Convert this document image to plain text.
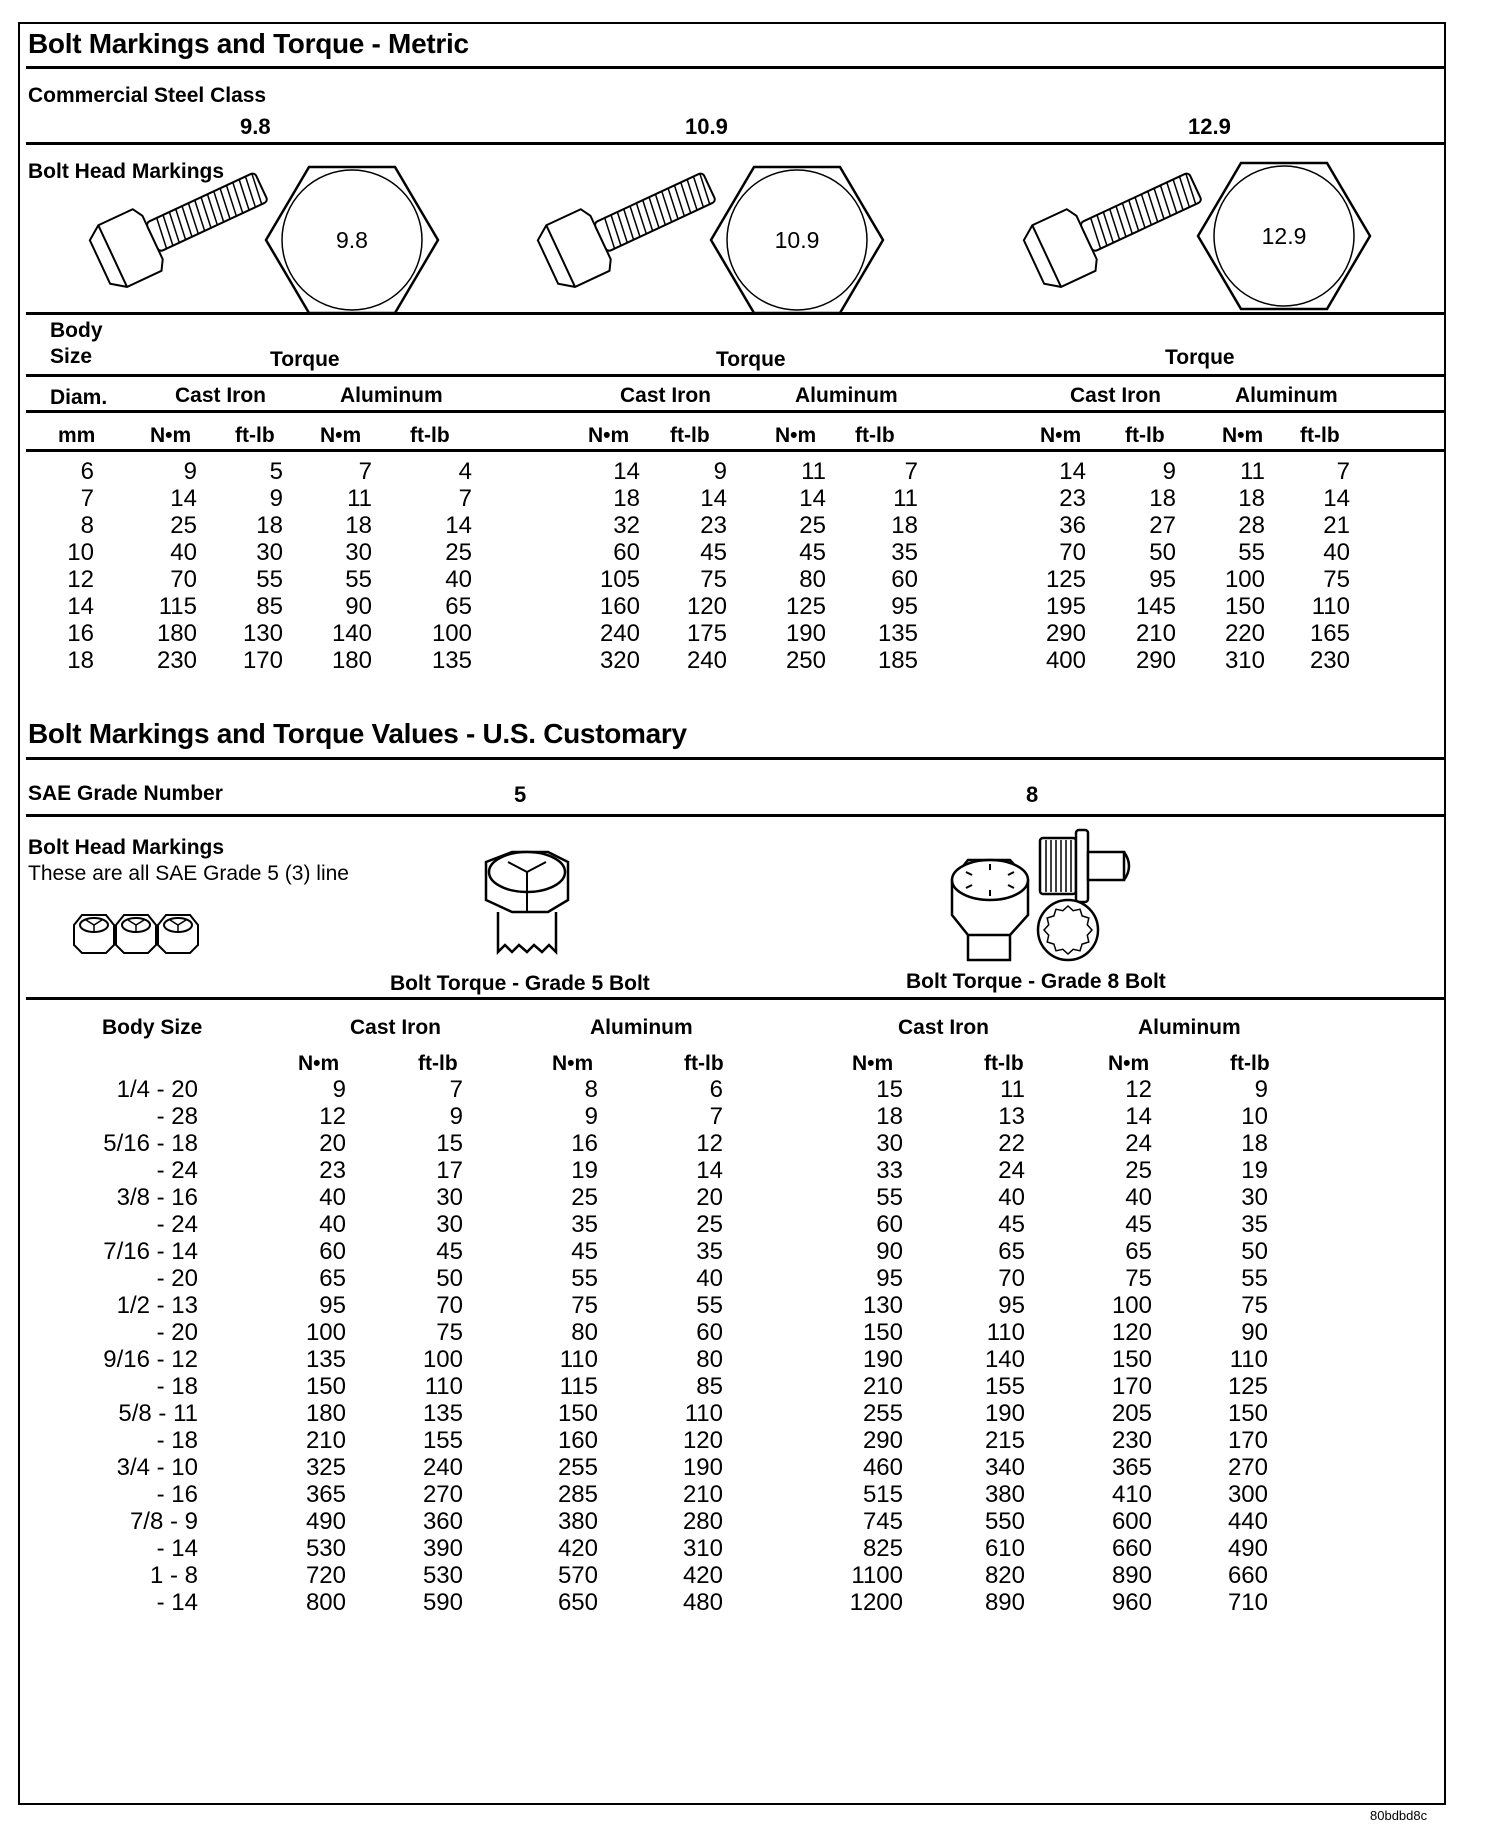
Bolt Markings and Torque - Metric
Commercial Steel Class
9.8	10.9	12.9
Bolt Head Markings
9.8	10.9	12.9
Body
Size	Torque	Torque	Torque
Diam.
mm
Cast Iron	Aluminum
N•m ft-lb N•m ft-lb
Cast Iron	Aluminum
N•m ft-lb	N•m ft-lb
Cast Iron	Aluminum
N•m ft-lb	N•m ft-lb
6	9	5	7	4	14	9	11	7	14	9	11	7
7	14	9	11	7	18	14	14	11	23	18	18	14
8	25	18	18	14	32	23	25	18	36	27	28	21
10	40	30	30	25	60	45	45	35	70	50	55	40
12	70	55	55	40	105	75	80	60	125	95	100	75
14	115	85	90	65	160	120	125	95	195	145	150	110
16	180	130	140	100	240	175	190	135	290	210	220	165
18	230	170	180	135	320	240	250	185	400	290	310	230
Bolt Markings and Torque Values - U.S. Customary
SAE Grade Number	5	8
Bolt Head Markings
These are all SAE Grade 5 (3) line
Bolt Torque - Grade 5 Bolt	Bolt Torque - Grade 8 Bolt
Body Size	Cast Iron	Aluminum	Cast Iron	Aluminum
N•m	ft-lb	N•m	ft-lb	N•m	ft-lb	N•m	ft-lb
1/4 - 20	9	7	8	6	15	11	12	9
- 28	12	9	9	7	18	13	14	10
5/16 - 18	20	15	16	12	30	22	24	18
- 24	23	17	19	14	33	24	25	19
3/8 - 16	40	30	25	20	55	40	40	30
- 24	40	30	35	25	60	45	45	35
7/16 - 14	60	45	45	35	90	65	65	50
- 20	65	50	55	40	95	70	75	55
1/2 - 13	95	70	75	55	130	95	100	75
- 20	100	75	80	60	150	110	120	90
9/16 - 12	135	100	110	80	190	140	150	110
- 18	150	110	115	85	210	155	170	125
5/8 - 11	180	135	150	110	255	190	205	150
- 18	210	155	160	120	290	215	230	170
3/4 - 10	325	240	255	190	460	340	365	270
- 16	365	270	285	210	515	380	410	300
7/8 - 9	490	360	380	280	745	550	600	440
- 14	530	390	420	310	825	610	660	490
1 - 8	720	530	570	420	1100	820	890	660
- 14	800	590	650	480	1200	890	960	710
80bdbd8c
